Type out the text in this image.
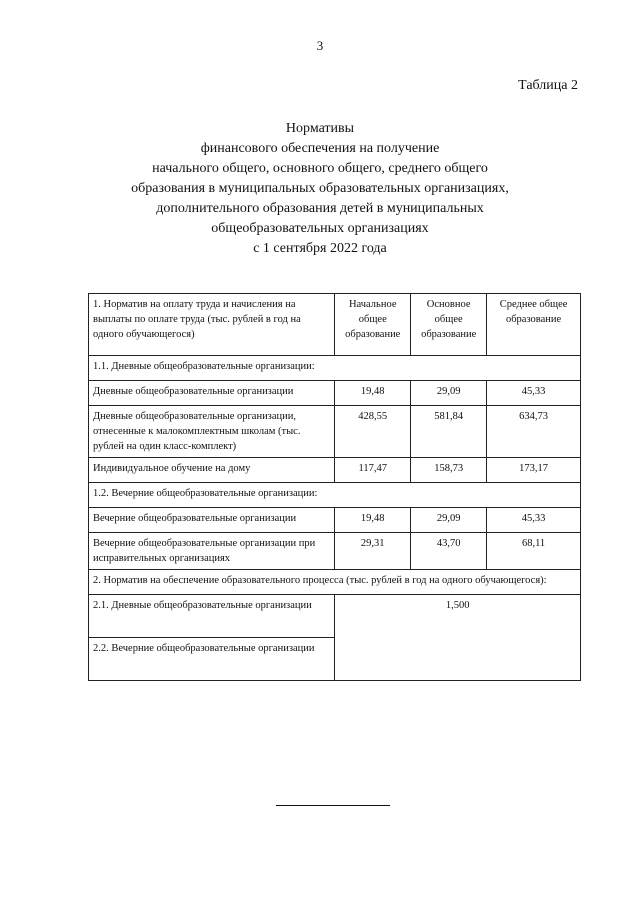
3
Таблица 2
Нормативы
финансового обеспечения на получение
начального общего, основного общего, среднего общего
образования в муниципальных образовательных организациях,
дополнительного образования детей в муниципальных
общеобразовательных организациях
с 1 сентября 2022 года
1. Норматив на оплату труда и начисления на выплаты по оплате труда (тыс. рублей в год на одного обучающегося)	Начальное общее образование	Основное общее образование	Среднее общее образование
1.1. Дневные общеобразовательные организации:			
Дневные общеобразовательные организации	19,48	29,09	45,33
Дневные общеобразовательные организации, отнесенные к малокомплектным школам (тыс. рублей на один класс-комплект)	428,55	581,84	634,73
Индивидуальное обучение на дому	117,47	158,73	173,17
1.2. Вечерние общеобразовательные организации:			
Вечерние общеобразовательные организации	19,48	29,09	45,33
Вечерние общеобразовательные организации при исправительных организациях	29,31	43,70	68,11
2. Норматив на обеспечение образовательного процесса (тыс. рублей в год на одного обучающегося):			
2.1. Дневные общеобразовательные организации	1,500		
2.2. Вечерние общеобразовательные организации			
